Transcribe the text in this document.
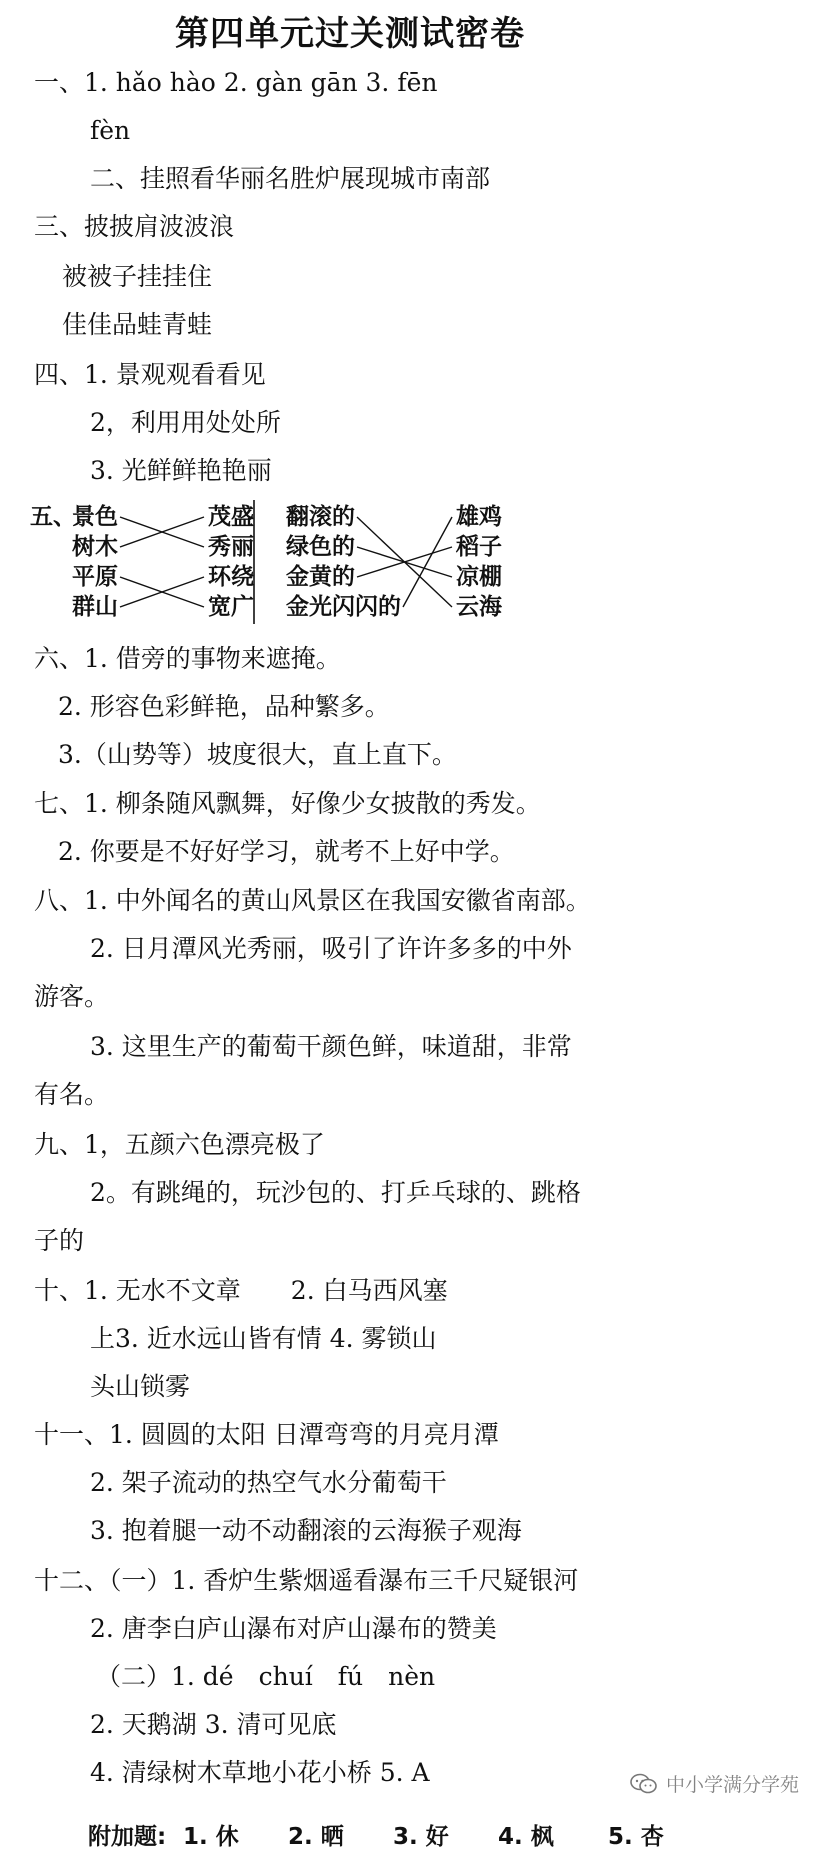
第四单元过关测试密卷
一、1. hǎo hào 2. gàn gān 3. fēn
fèn
二、挂照看华丽名胜炉展现城市南部
三、披披肩波波浪
被被子挂挂住
佳佳品蛙青蛙
四、1. 景观观看看见
2，利用用处处所
3. 光鲜鲜艳艳丽
五、
景色
树木
平原
群山
茂盛
秀丽
环绕
宽广
翻滚的
绿色的
金黄的
金光闪闪的
雄鸡
稻子
凉棚
云海
六、1. 借旁的事物来遮掩。
2. 形容色彩鲜艳，品种繁多。
3.（山势等）坡度很大，直上直下。
七、1. 柳条随风飘舞，好像少女披散的秀发。
2. 你要是不好好学习，就考不上好中学。
八、1. 中外闻名的黄山风景区在我国安徽省南部。
2. 日月潭风光秀丽，吸引了许许多多的中外
游客。
3. 这里生产的葡萄干颜色鲜，味道甜，非常
有名。
九、1，五颜六色漂亮极了
2。有跳绳的，玩沙包的、打乒乓球的、跳格
子的
十、1. 无水不文章　　2. 白马西风塞
上3. 近水远山皆有情 4. 雾锁山
头山锁雾
十一、1. 圆圆的太阳 日潭弯弯的月亮月潭
2. 架子流动的热空气水分葡萄干
3. 抱着腿一动不动翻滚的云海猴子观海
十二、（一）1. 香炉生紫烟遥看瀑布三千尺疑银河
2. 唐李白庐山瀑布对庐山瀑布的赞美
（二）1. dé　chuí　fú　nèn
2. 天鹅湖 3. 清可见底
4. 清绿树木草地小花小桥 5. A	中小学满分学苑
附加题: 1. 休 2. 晒 3. 好 4. 枫 5. 杏
